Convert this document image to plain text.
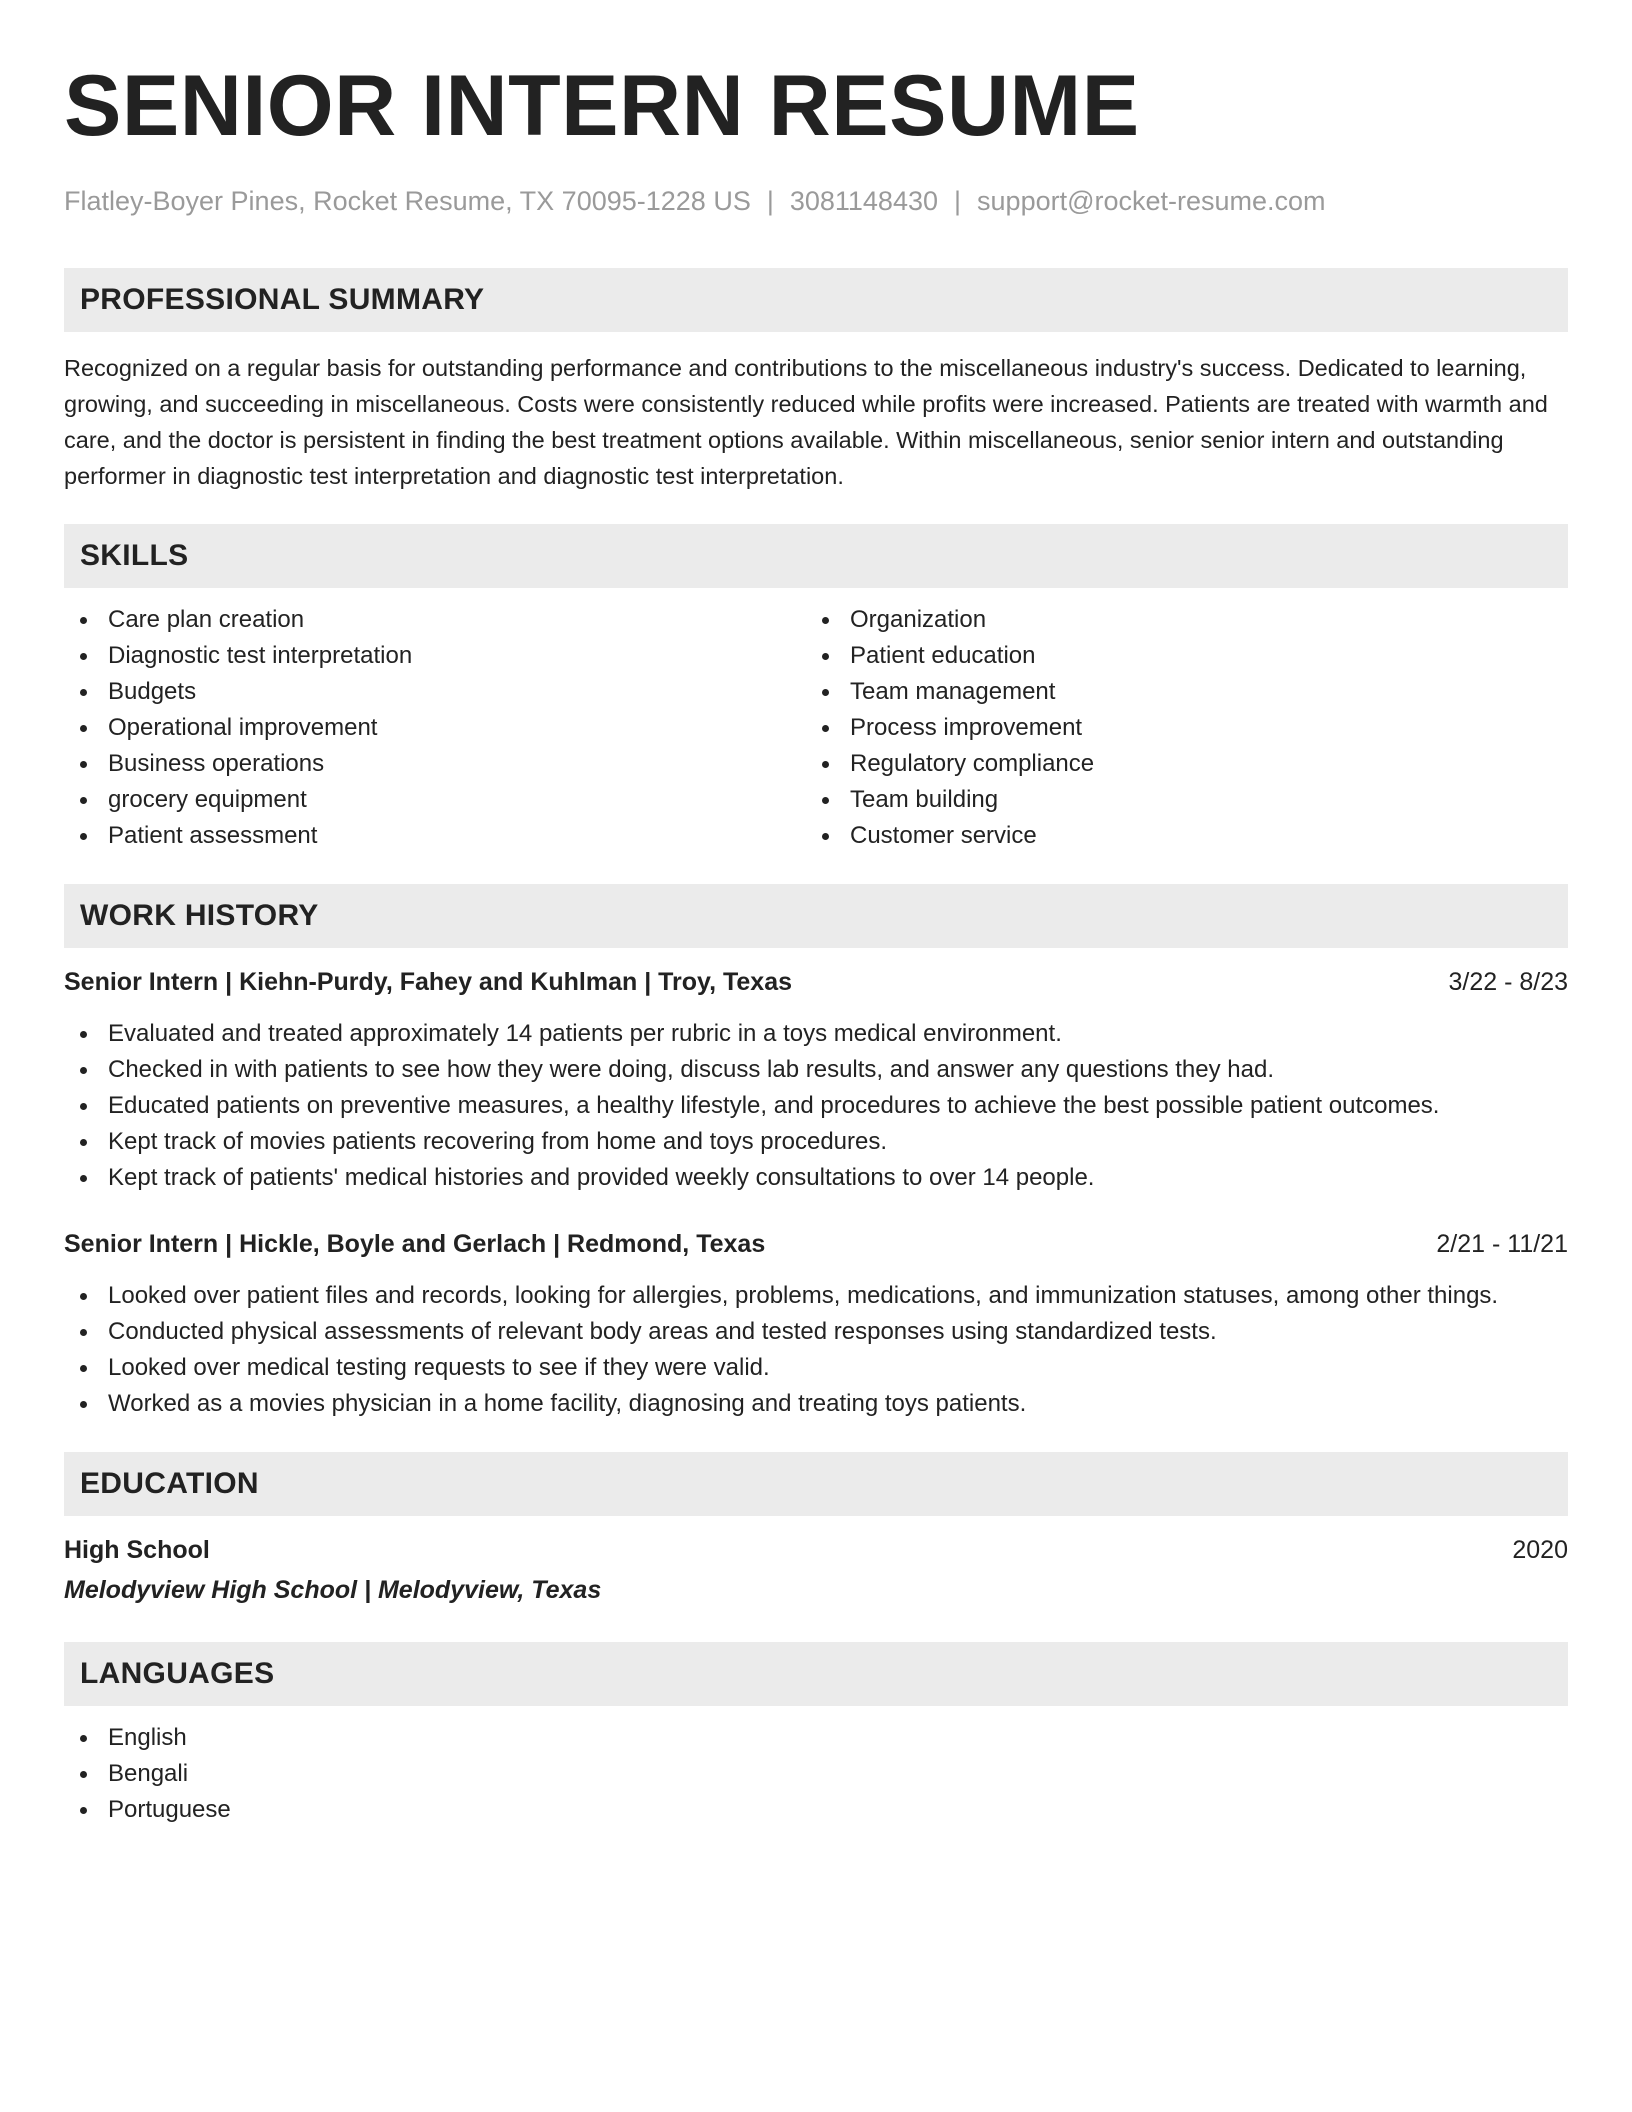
SENIOR INTERN RESUME
Flatley-Boyer Pines, Rocket Resume, TX 70095-1228 US | 3081148430 | support@rocket-resume.com
PROFESSIONAL SUMMARY
Recognized on a regular basis for outstanding performance and contributions to the miscellaneous industry's success. Dedicated to learning, growing, and succeeding in miscellaneous. Costs were consistently reduced while profits were increased. Patients are treated with warmth and care, and the doctor is persistent in finding the best treatment options available. Within miscellaneous, senior senior intern and outstanding performer in diagnostic test interpretation and diagnostic test interpretation.
SKILLS
Care plan creation
Diagnostic test interpretation
Budgets
Operational improvement
Business operations
grocery equipment
Patient assessment
Organization
Patient education
Team management
Process improvement
Regulatory compliance
Team building
Customer service
WORK HISTORY
Senior Intern | Kiehn-Purdy, Fahey and Kuhlman | Troy, Texas	3/22 - 8/23
Evaluated and treated approximately 14 patients per rubric in a toys medical environment.
Checked in with patients to see how they were doing, discuss lab results, and answer any questions they had.
Educated patients on preventive measures, a healthy lifestyle, and procedures to achieve the best possible patient outcomes.
Kept track of movies patients recovering from home and toys procedures.
Kept track of patients' medical histories and provided weekly consultations to over 14 people.
Senior Intern | Hickle, Boyle and Gerlach | Redmond, Texas	2/21 - 11/21
Looked over patient files and records, looking for allergies, problems, medications, and immunization statuses, among other things.
Conducted physical assessments of relevant body areas and tested responses using standardized tests.
Looked over medical testing requests to see if they were valid.
Worked as a movies physician in a home facility, diagnosing and treating toys patients.
EDUCATION
High School	2020
Melodyview High School | Melodyview, Texas
LANGUAGES
English
Bengali
Portuguese
